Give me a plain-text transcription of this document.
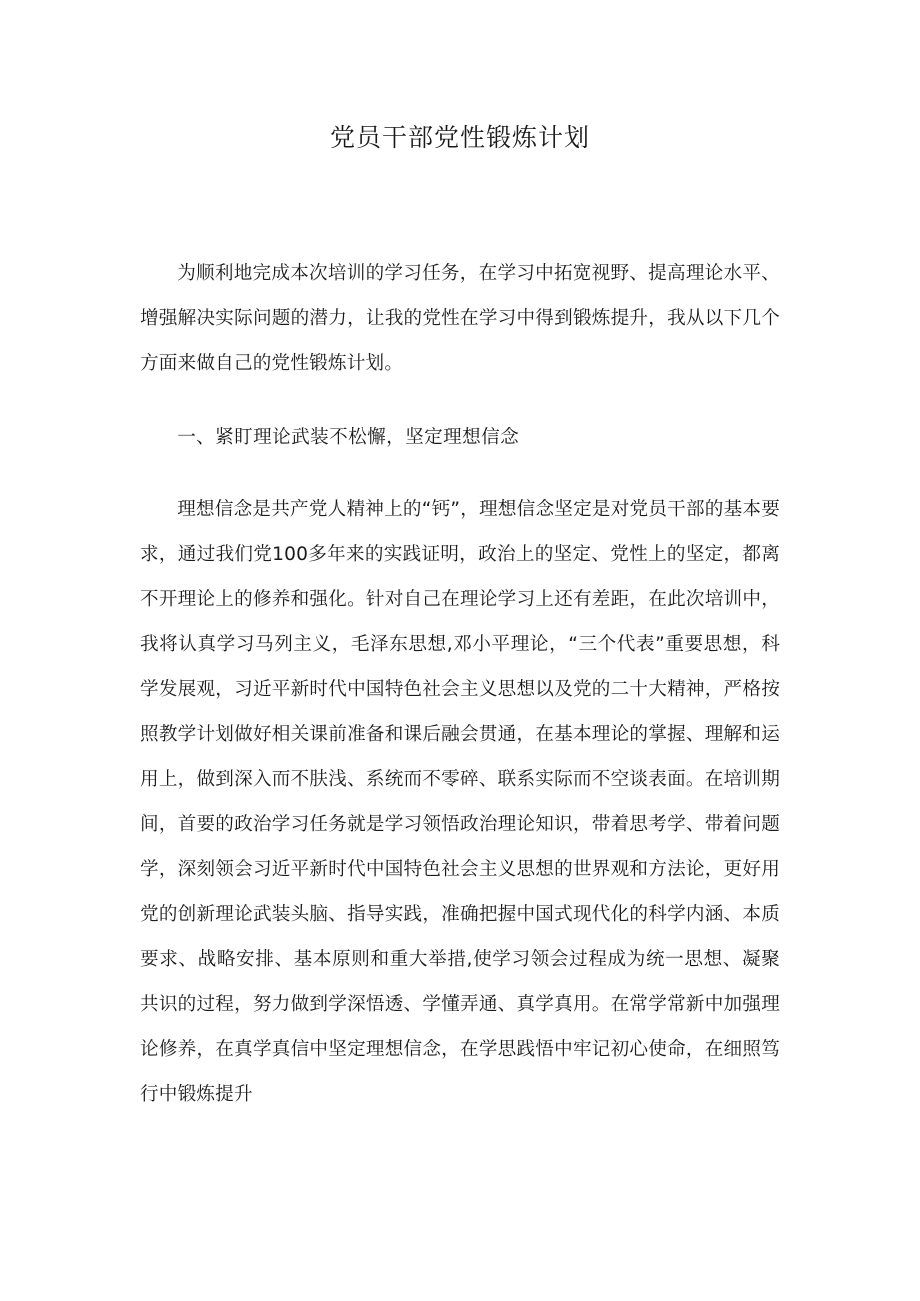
党员干部党性锻炼计划

为顺利地完成本次培训的学习任务，在学习中拓宽视野、提高理论水平、增强解决实际问题的潜力，让我的党性在学习中得到锻炼提升，我从以下几个方面来做自己的党性锻炼计划。

一、紧盯理论武装不松懈，坚定理想信念

理想信念是共产党人精神上的“钙”，理想信念坚定是对党员干部的基本要求，通过我们党100多年来的实践证明，政治上的坚定、党性上的坚定，都离不开理论上的修养和强化。针对自己在理论学习上还有差距，在此次培训中，我将认真学习马列主义，毛泽东思想,邓小平理论，“三个代表”重要思想，科学发展观，习近平新时代中国特色社会主义思想以及党的二十大精神，严格按照教学计划做好相关课前准备和课后融会贯通，在基本理论的掌握、理解和运用上，做到深入而不肤浅、系统而不零碎、联系实际而不空谈表面。在培训期间，首要的政治学习任务就是学习领悟政治理论知识，带着思考学、带着问题学，深刻领会习近平新时代中国特色社会主义思想的世界观和方法论，更好用党的创新理论武装头脑、指导实践，准确把握中国式现代化的科学内涵、本质要求、战略安排、基本原则和重大举措,使学习领会过程成为统一思想、凝聚共识的过程，努力做到学深悟透、学懂弄通、真学真用。在常学常新中加强理论修养，在真学真信中坚定理想信念，在学思践悟中牢记初心使命，在细照笃行中锻炼提升
